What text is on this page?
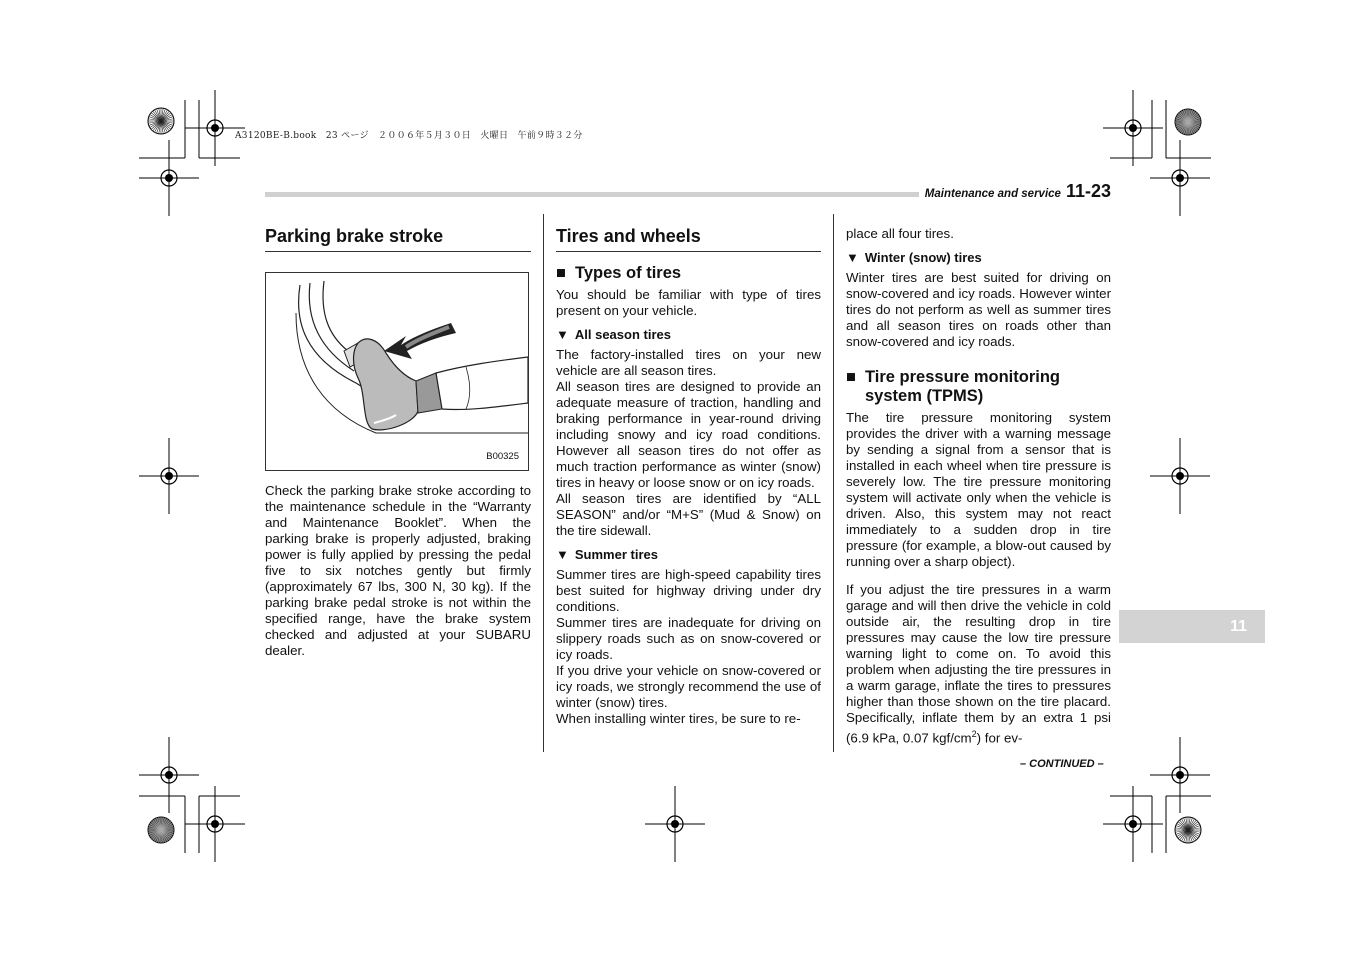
A3120BE-B.book　23 ページ　２００６年５月３０日　火曜日　午前９時３２分
Maintenance and service 11-23
Parking brake stroke
B00325

Check the parking brake stroke according to the maintenance schedule in the “Warranty and Maintenance Booklet”. When the parking brake is properly adjusted, braking power is fully applied by pressing the pedal five to six notches gently but firmly (approximately 67 lbs, 300 N, 30 kg). If the parking brake pedal stroke is not within the specified range, have the brake system checked and adjusted at your SUBARU dealer.

Tires and wheels
■ Types of tires

You should be familiar with type of tires present on your vehicle.

▼ All season tires

The factory-installed tires on your new vehicle are all season tires.

All season tires are designed to provide an adequate measure of traction, handling and braking performance in year-round driving including snowy and icy road conditions. However all season tires do not offer as much traction performance as winter (snow) tires in heavy or loose snow or on icy roads.

All season tires are identified by “ALL SEASON” and/or “M+S” (Mud & Snow) on the tire sidewall.

▼ Summer tires

Summer tires are high-speed capability tires best suited for highway driving under dry conditions.

Summer tires are inadequate for driving on slippery roads such as on snow-covered or icy roads.

If you drive your vehicle on snow-covered or icy roads, we strongly recommend the use of winter (snow) tires.

When installing winter tires, be sure to re-

place all four tires.

▼ Winter (snow) tires

Winter tires are best suited for driving on snow-covered and icy roads. However winter tires do not perform as well as summer tires and all season tires on roads other than snow-covered and icy roads.

■ Tire pressure monitoring system (TPMS)

The tire pressure monitoring system provides the driver with a warning message by sending a signal from a sensor that is installed in each wheel when tire pressure is severely low. The tire pressure monitoring system will activate only when the vehicle is driven. Also, this system may not react immediately to a sudden drop in tire pressure (for example, a blow-out caused by running over a sharp object).

If you adjust the tire pressures in a warm garage and will then drive the vehicle in cold outside air, the resulting drop in tire pressures may cause the low tire pressure warning light to come on. To avoid this problem when adjusting the tire pressures in a warm garage, inflate the tires to pressures higher than those shown on the tire placard. Specifically, inflate them by an extra 1 psi (6.9 kPa, 0.07 kgf/$cm^2$) for ev-

11
– CONTINUED –
